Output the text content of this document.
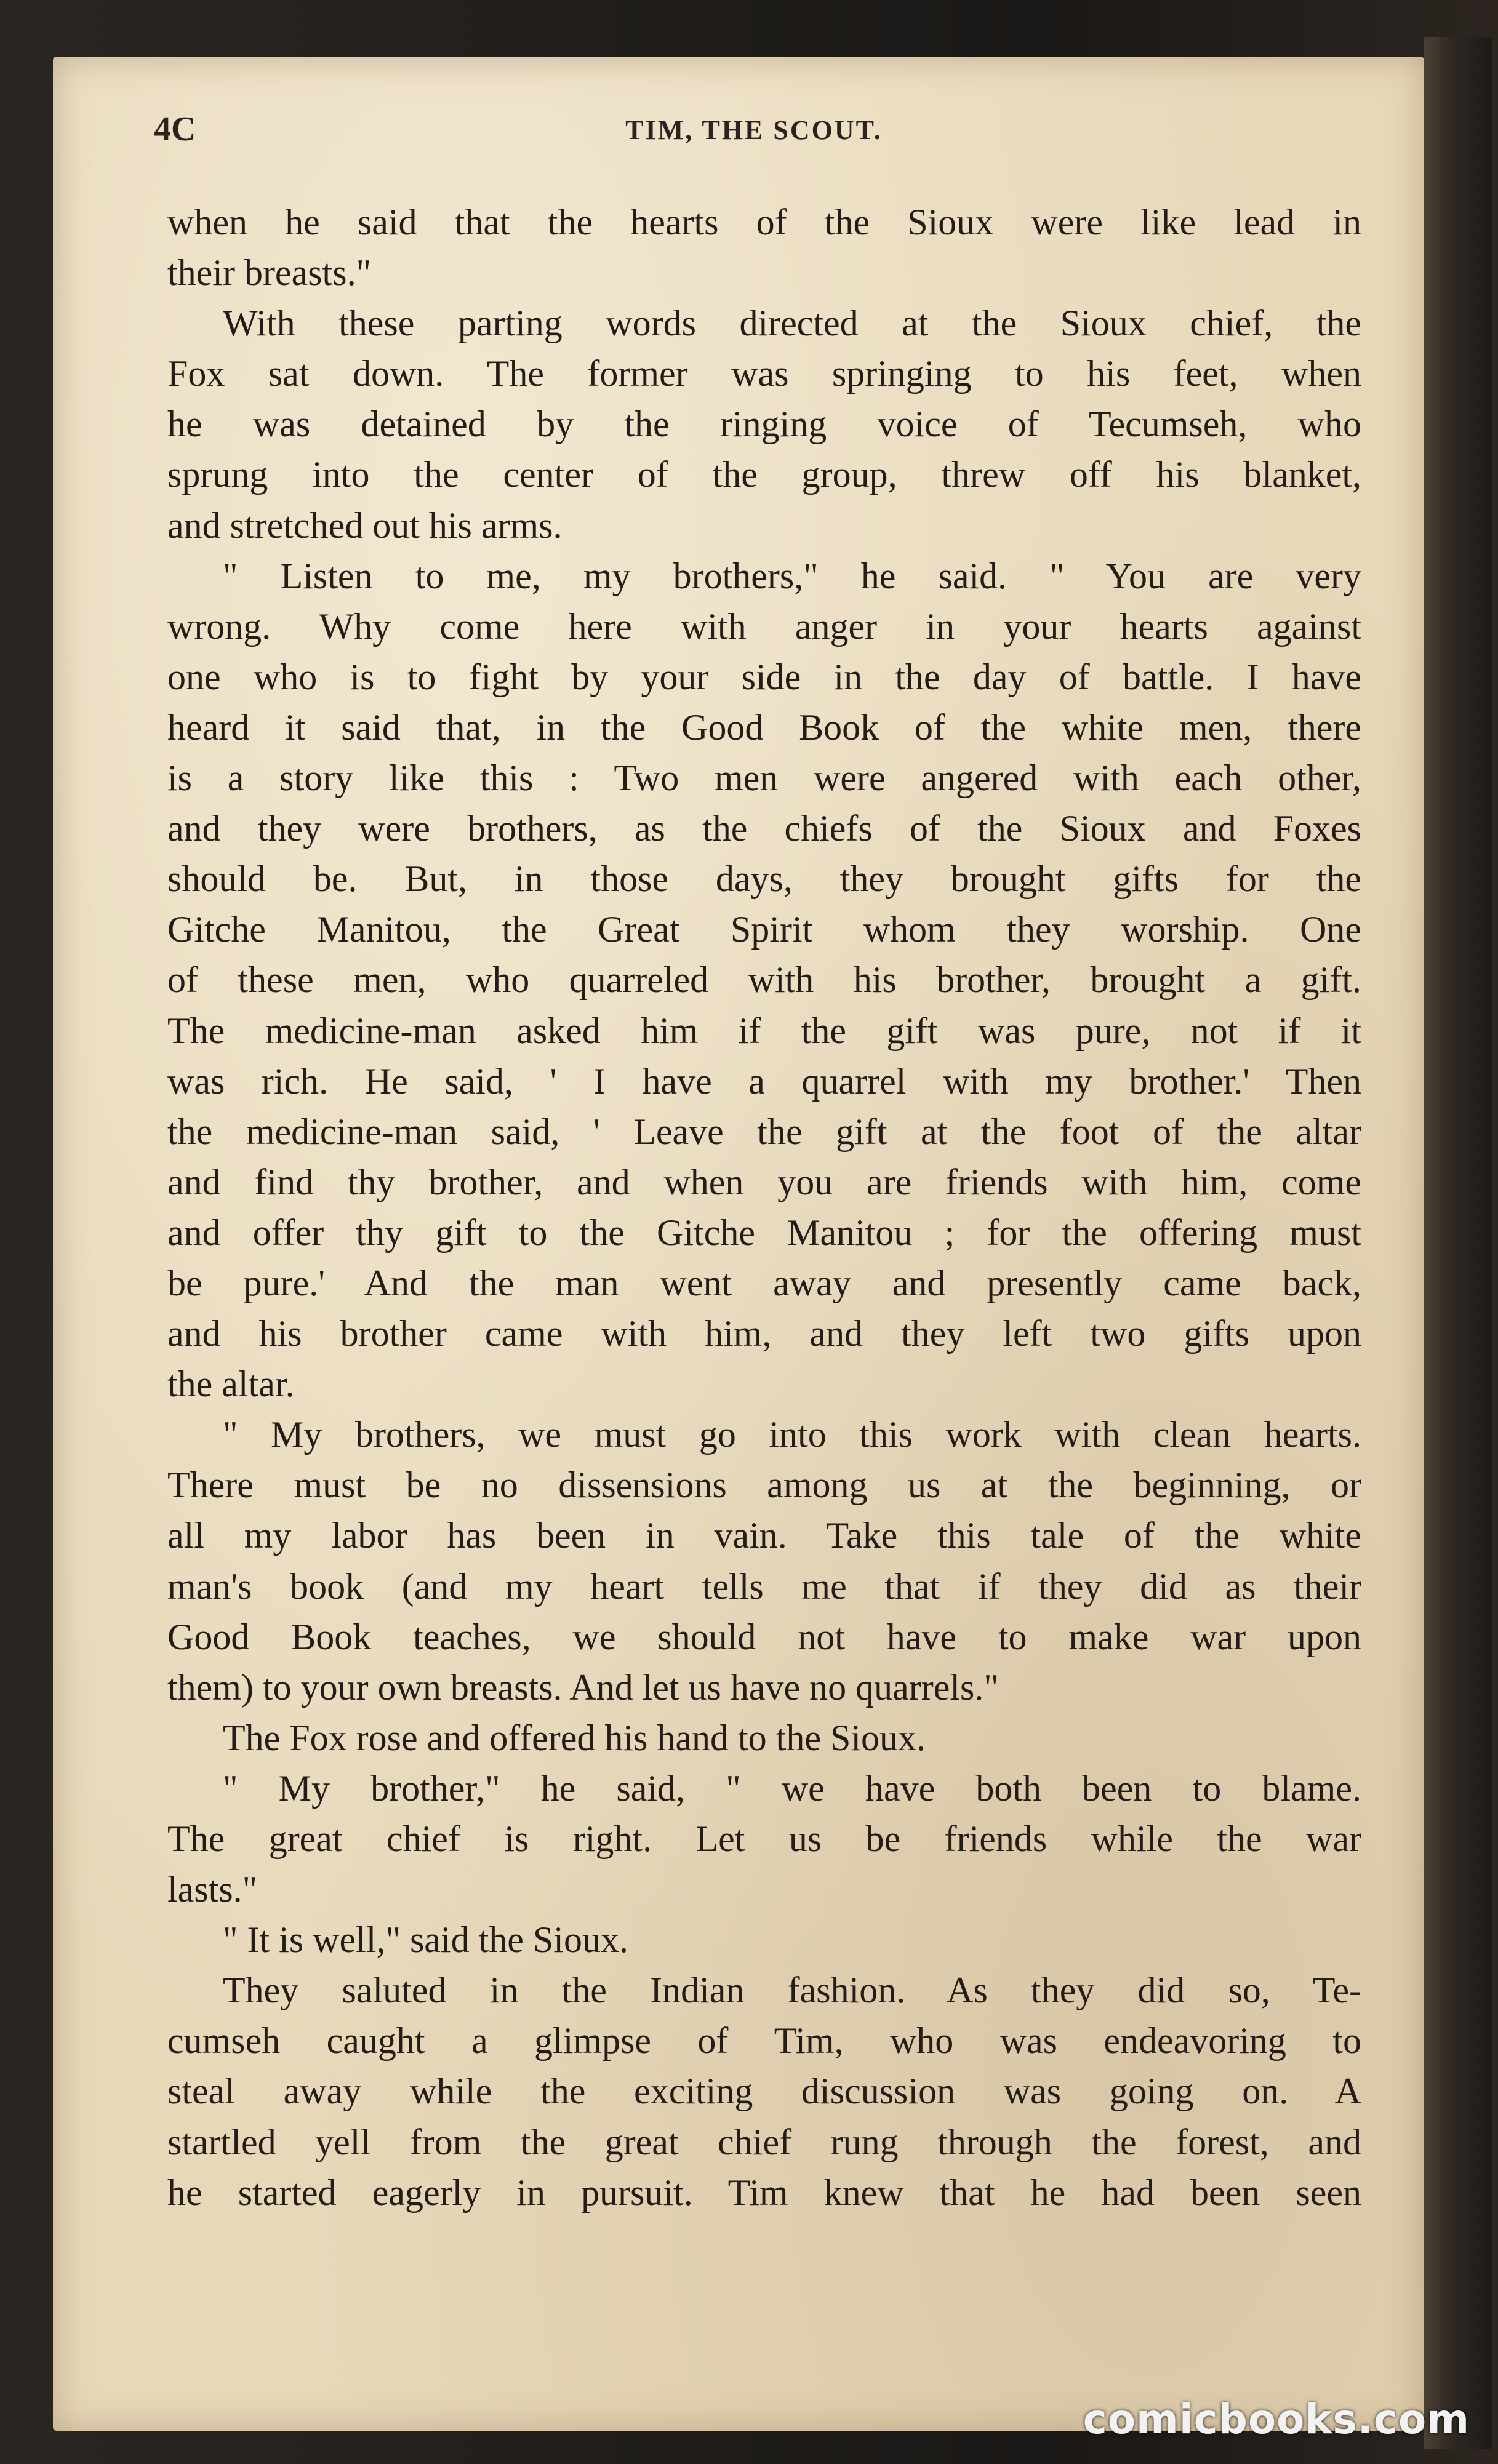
4C	TIM, THE SCOUT.
when he said that the hearts of the Sioux were like lead in
their breasts."
With these parting words directed at the Sioux chief, the
Fox sat down. The former was springing to his feet, when
he was detained by the ringing voice of Tecumseh, who
sprung into the center of the group, threw off his blanket,
and stretched out his arms.
" Listen to me, my brothers," he said. " You are very
wrong. Why come here with anger in your hearts against
one who is to fight by your side in the day of battle. I have
heard it said that, in the Good Book of the white men, there
is a story like this : Two men were angered with each other,
and they were brothers, as the chiefs of the Sioux and Foxes
should be. But, in those days, they brought gifts for the
Gitche Manitou, the Great Spirit whom they worship. One
of these men, who quarreled with his brother, brought a gift.
The medicine-man asked him if the gift was pure, not if it
was rich. He said, ' I have a quarrel with my brother.' Then
the medicine-man said, ' Leave the gift at the foot of the altar
and find thy brother, and when you are friends with him, come
and offer thy gift to the Gitche Manitou ; for the offering must
be pure.' And the man went away and presently came back,
and his brother came with him, and they left two gifts upon
the altar.
" My brothers, we must go into this work with clean hearts.
There must be no dissensions among us at the beginning, or
all my labor has been in vain. Take this tale of the white
man's book (and my heart tells me that if they did as their
Good Book teaches, we should not have to make war upon
them) to your own breasts. And let us have no quarrels."
The Fox rose and offered his hand to the Sioux.
" My brother," he said, " we have both been to blame.
The great chief is right. Let us be friends while the war
lasts."
" It is well," said the Sioux.
They saluted in the Indian fashion. As they did so, Te-
cumseh caught a glimpse of Tim, who was endeavoring to
steal away while the exciting discussion was going on. A
startled yell from the great chief rung through the forest, and
he started eagerly in pursuit. Tim knew that he had been seen
comicbooks.com
